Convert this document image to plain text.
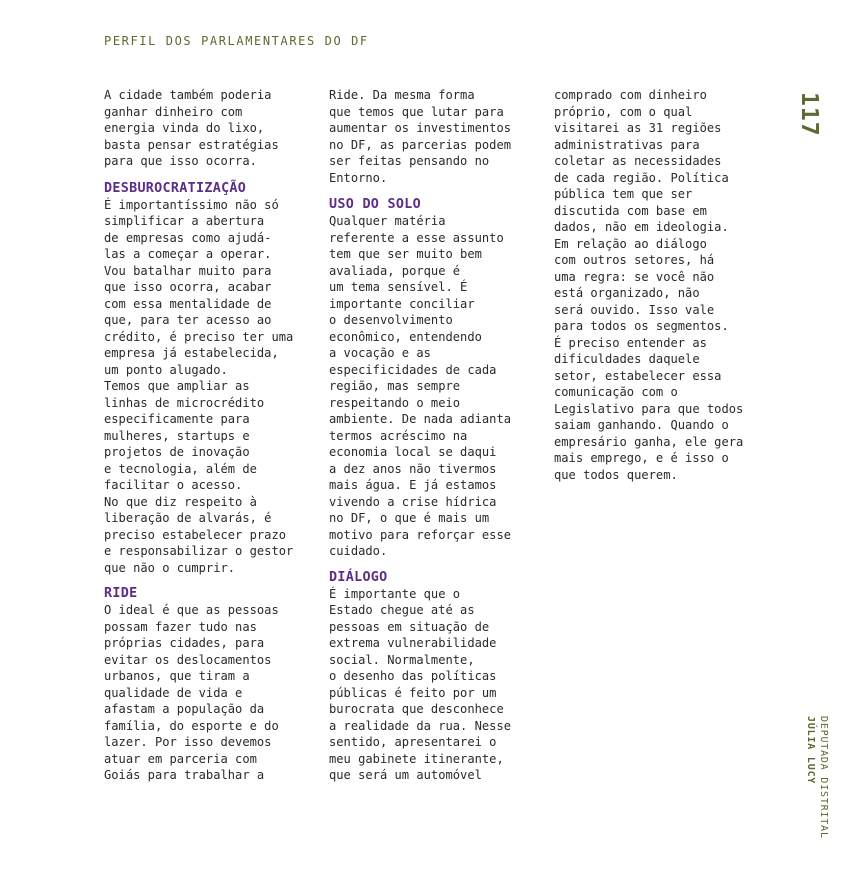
PERFIL DOS PARLAMENTARES DO DF
117
DEPUTADA DISTRITAL
JÚLIA LUCY
A cidade também poderia
ganhar dinheiro com
energia vinda do lixo,
basta pensar estratégias
para que isso ocorra.
DESBUROCRATIZAÇÃO
É importantíssimo não só
simplificar a abertura
de empresas como ajudá-
las a começar a operar.
Vou batalhar muito para
que isso ocorra, acabar
com essa mentalidade de
que, para ter acesso ao
crédito, é preciso ter uma
empresa já estabelecida,
um ponto alugado.
Temos que ampliar as
linhas de microcrédito
especificamente para
mulheres, startups e
projetos de inovação
e tecnologia, além de
facilitar o acesso.
No que diz respeito à
liberação de alvarás, é
preciso estabelecer prazo
e responsabilizar o gestor
que não o cumprir.
RIDE
O ideal é que as pessoas
possam fazer tudo nas
próprias cidades, para
evitar os deslocamentos
urbanos, que tiram a
qualidade de vida e
afastam a população da
família, do esporte e do
lazer. Por isso devemos
atuar em parceria com
Goiás para trabalhar a
Ride. Da mesma forma
que temos que lutar para
aumentar os investimentos
no DF, as parcerias podem
ser feitas pensando no
Entorno.
USO DO SOLO
Qualquer matéria
referente a esse assunto
tem que ser muito bem
avaliada, porque é
um tema sensível. É
importante conciliar
o desenvolvimento
econômico, entendendo
a vocação e as
especificidades de cada
região, mas sempre
respeitando o meio
ambiente. De nada adianta
termos acréscimo na
economia local se daqui
a dez anos não tivermos
mais água. E já estamos
vivendo a crise hídrica
no DF, o que é mais um
motivo para reforçar esse
cuidado.
DIÁLOGO
É importante que o
Estado chegue até as
pessoas em situação de
extrema vulnerabilidade
social. Normalmente,
o desenho das políticas
públicas é feito por um
burocrata que desconhece
a realidade da rua. Nesse
sentido, apresentarei o
meu gabinete itinerante,
que será um automóvel
comprado com dinheiro
próprio, com o qual
visitarei as 31 regiões
administrativas para
coletar as necessidades
de cada região. Política
pública tem que ser
discutida com base em
dados, não em ideologia.
Em relação ao diálogo
com outros setores, há
uma regra: se você não
está organizado, não
será ouvido. Isso vale
para todos os segmentos.
É preciso entender as
dificuldades daquele
setor, estabelecer essa
comunicação com o
Legislativo para que todos
saiam ganhando. Quando o
empresário ganha, ele gera
mais emprego, e é isso o
que todos querem.
